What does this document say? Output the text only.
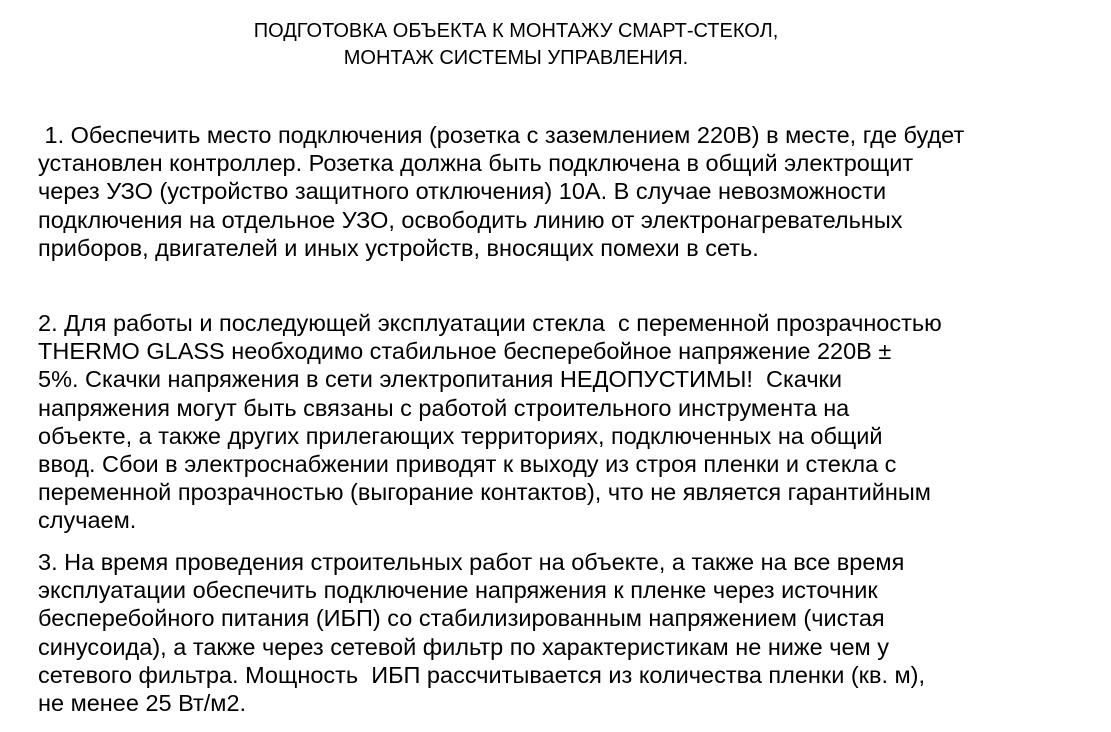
ПОДГОТОВКА ОБЪЕКТА К МОНТАЖУ СМАРТ-СТЕКОЛ,
МОНТАЖ СИСТЕМЫ УПРАВЛЕНИЯ.
1. Обеспечить место подключения (розетка с заземлением 220В) в месте, где будет
установлен контроллер. Розетка должна быть подключена в общий электрощит
через УЗО (устройство защитного отключения) 10А. В случае невозможности
подключения на отдельное УЗО, освободить линию от электронагревательных
приборов, двигателей и иных устройств, вносящих помехи в сеть.
2. Для работы и последующей эксплуатации стекла  с переменной прозрачностью
THERMO GLASS необходимо стабильное бесперебойное напряжение 220В ±
5%. Скачки напряжения в сети электропитания НЕДОПУСТИМЫ!  Скачки
напряжения могут быть связаны с работой строительного инструмента на
объекте, а также других прилегающих территориях, подключенных на общий
ввод. Сбои в электроснабжении приводят к выходу из строя пленки и стекла с
переменной прозрачностью (выгорание контактов), что не является гарантийным
случаем.
3. На время проведения строительных работ на объекте, а также на все время
эксплуатации обеспечить подключение напряжения к пленке через источник
бесперебойного питания (ИБП) со стабилизированным напряжением (чистая
синусоида), а также через сетевой фильтр по характеристикам не ниже чем у
сетевого фильтра. Мощность  ИБП рассчитывается из количества пленки (кв. м),
не менее 25 Вт/м2.
